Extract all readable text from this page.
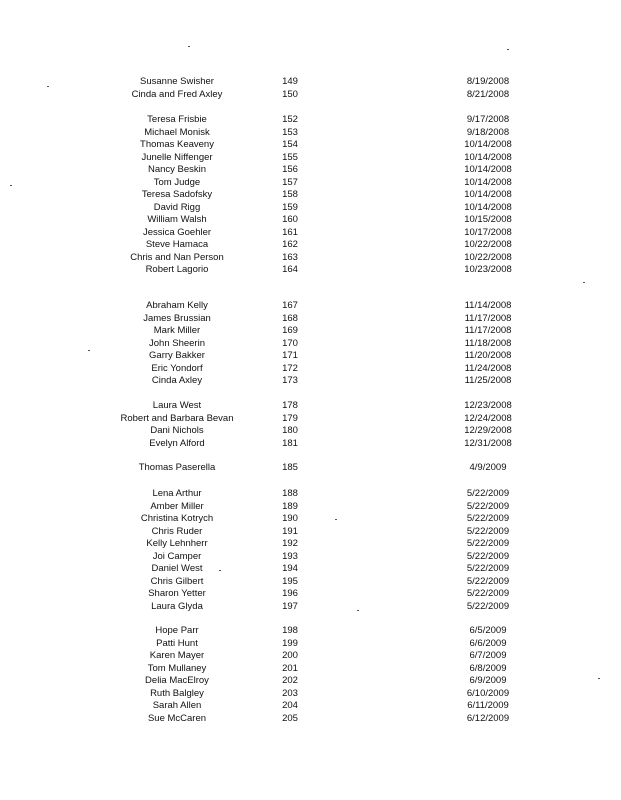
Susanne Swisher	149	8/19/2008
Cinda and Fred Axley	150	8/21/2008
Teresa Frisbie	152	9/17/2008
Michael Monisk	153	9/18/2008
Thomas Keaveny	154	10/14/2008
Junelle Niffenger	155	10/14/2008
Nancy Beskin	156	10/14/2008
Tom Judge	157	10/14/2008
Teresa Sadofsky	158	10/14/2008
David Rigg	159	10/14/2008
William Walsh	160	10/15/2008
Jessica Goehler	161	10/17/2008
Steve Hamaca	162	10/22/2008
Chris and Nan Person	163	10/22/2008
Robert Lagorio	164	10/23/2008
Abraham Kelly	167	11/14/2008
James Brussian	168	11/17/2008
Mark Miller	169	11/17/2008
John Sheerin	170	11/18/2008
Garry Bakker	171	11/20/2008
Eric Yondorf	172	11/24/2008
Cinda Axley	173	11/25/2008
Laura West	178	12/23/2008
Robert and Barbara Bevan	179	12/24/2008
Dani Nichols	180	12/29/2008
Evelyn Alford	181	12/31/2008
Thomas Paserella	185	4/9/2009
Lena Arthur	188	5/22/2009
Amber Miller	189	5/22/2009
Christina Kotrych	190	5/22/2009
Chris Ruder	191	5/22/2009
Kelly Lehnherr	192	5/22/2009
Joi Camper	193	5/22/2009
Daniel West	194	5/22/2009
Chris Gilbert	195	5/22/2009
Sharon Yetter	196	5/22/2009
Laura Glyda	197	5/22/2009
Hope Parr	198	6/5/2009
Patti Hunt	199	6/6/2009
Karen Mayer	200	6/7/2009
Tom Mullaney	201	6/8/2009
Delia MacElroy	202	6/9/2009
Ruth Balgley	203	6/10/2009
Sarah Allen	204	6/11/2009
Sue McCaren	205	6/12/2009
